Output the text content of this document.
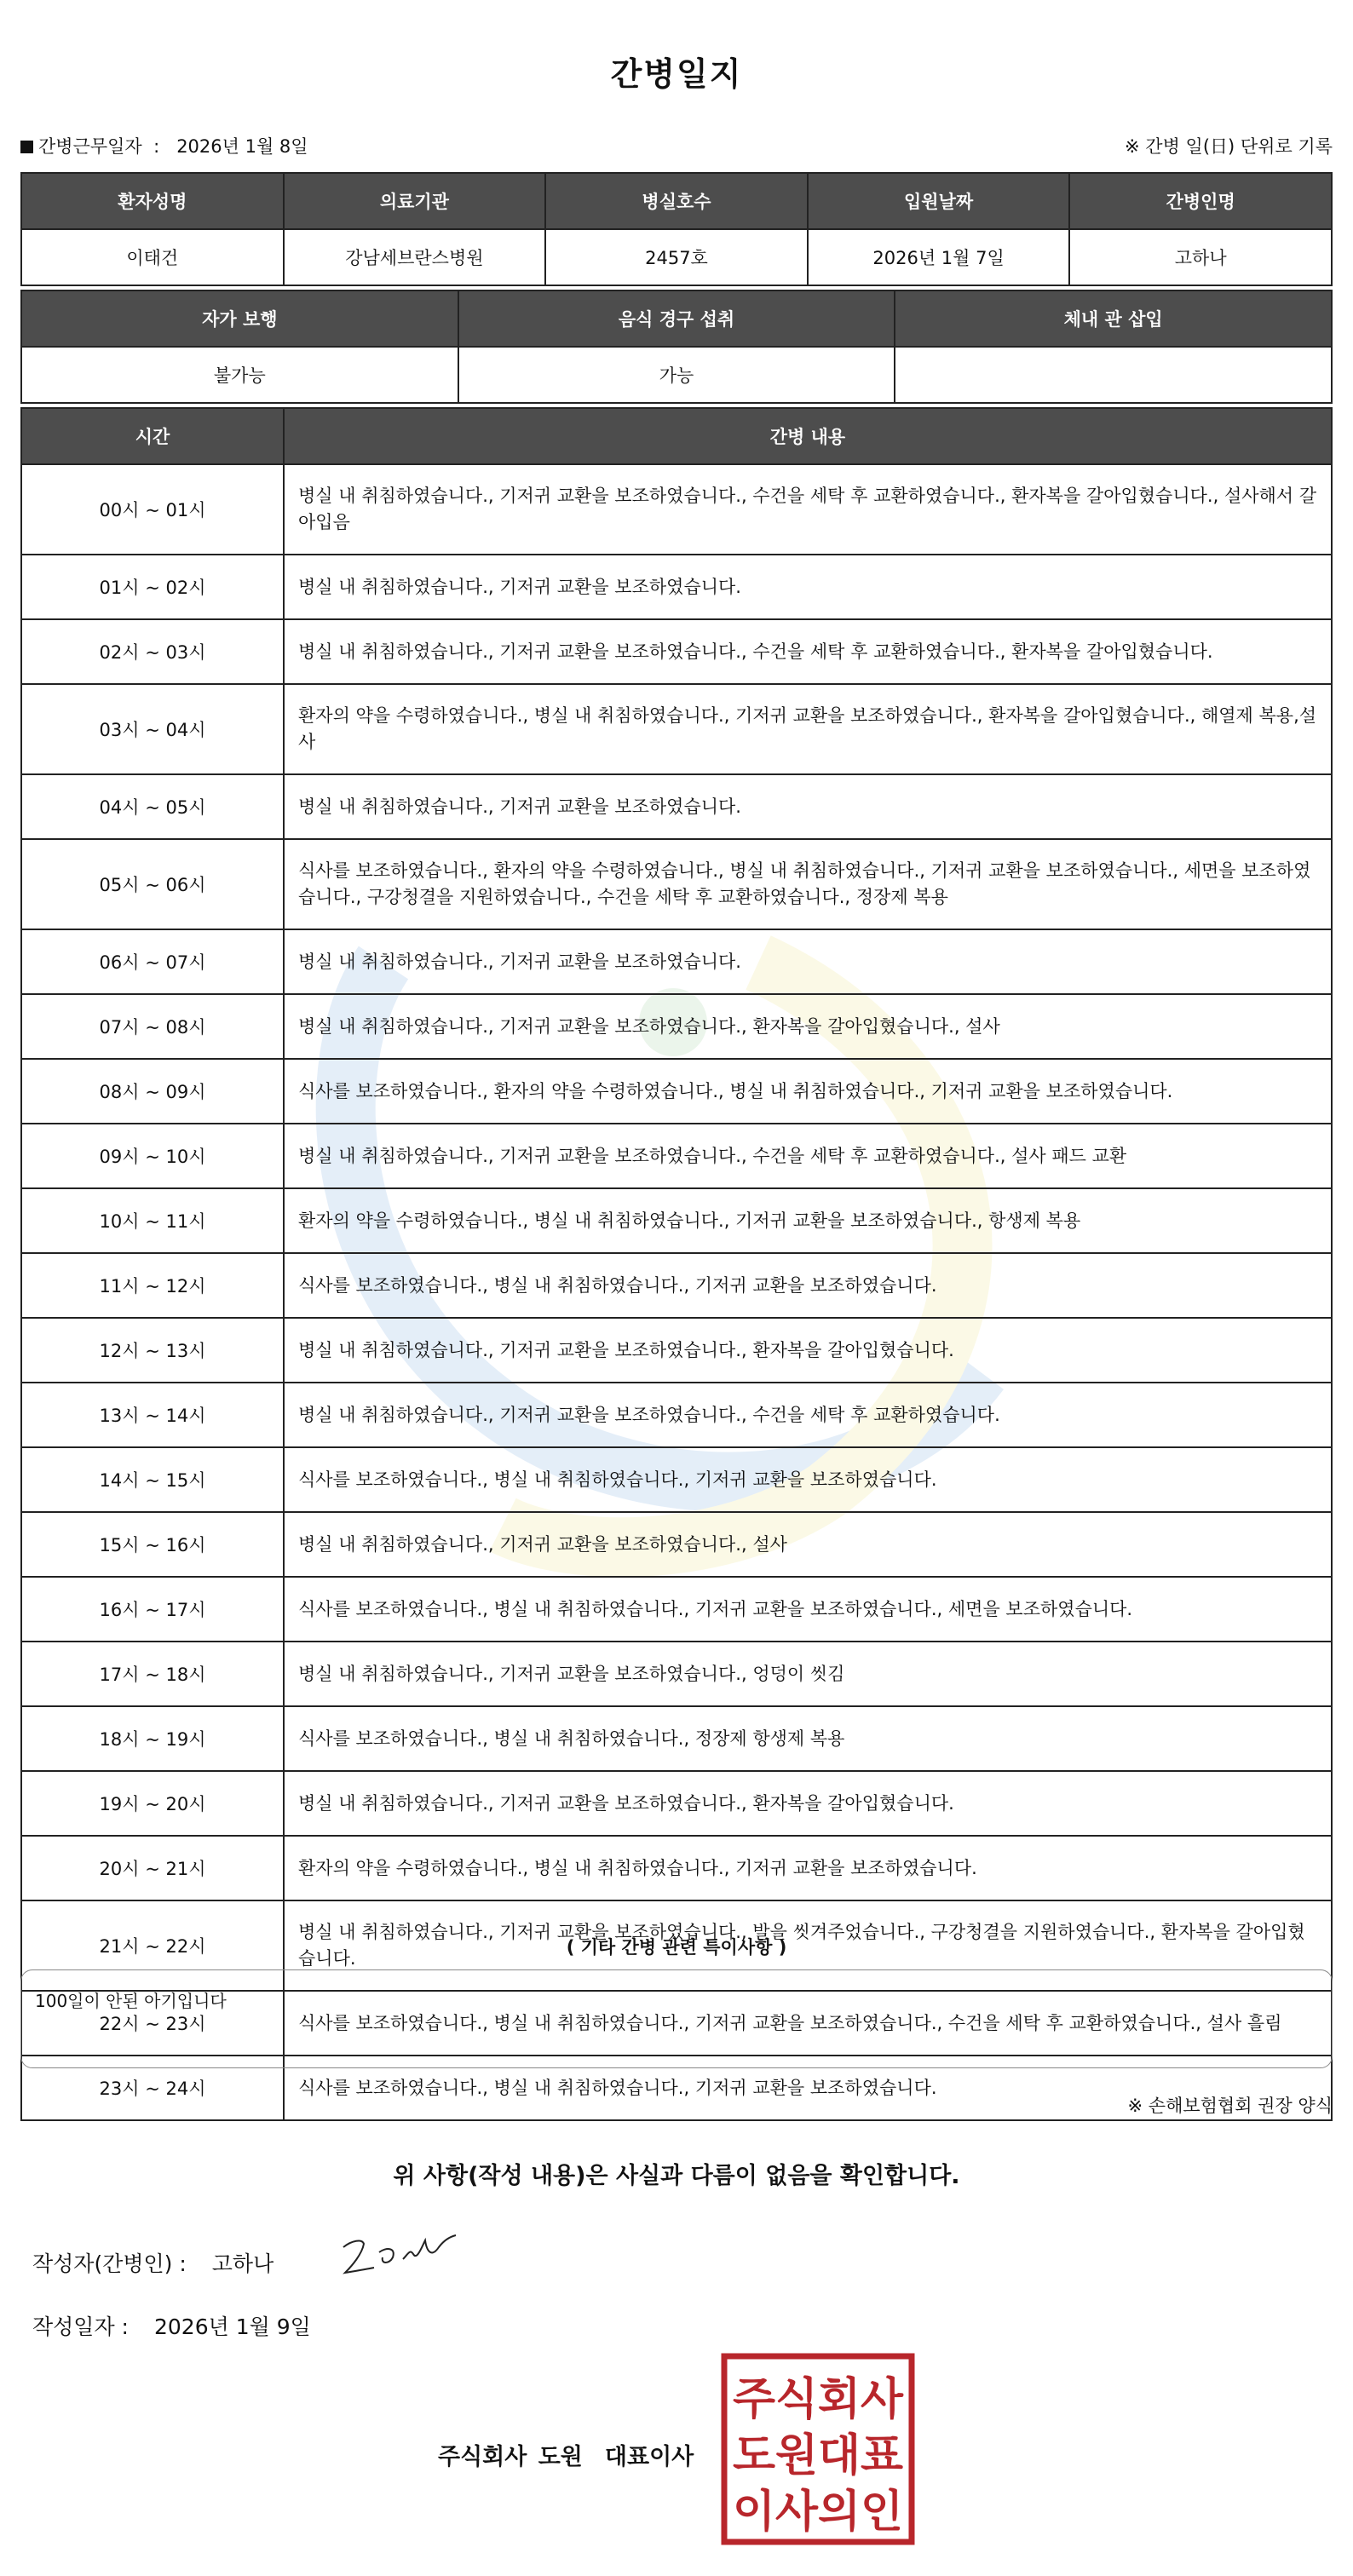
간병일지
간병근무일자 : 2026년 1월 8일	※ 간병 일(日) 단위로 기록
환자성명	의료기관	병실호수	입원날짜	간병인명
이태건	강남세브란스병원	2457호	2026년 1월 7일	고하나
자가 보행	음식 경구 섭취	체내 관 삽입
불가능	가능	
시간	간병 내용
00시 ~ 01시	병실 내 취침하였습니다., 기저귀 교환을 보조하였습니다., 수건을 세탁 후 교환하였습니다., 환자복을 갈아입혔습니다., 설사해서 갈아입음
01시 ~ 02시	병실 내 취침하였습니다., 기저귀 교환을 보조하였습니다.
02시 ~ 03시	병실 내 취침하였습니다., 기저귀 교환을 보조하였습니다., 수건을 세탁 후 교환하였습니다., 환자복을 갈아입혔습니다.
03시 ~ 04시	환자의 약을 수령하였습니다., 병실 내 취침하였습니다., 기저귀 교환을 보조하였습니다., 환자복을 갈아입혔습니다., 해열제 복용,설사
04시 ~ 05시	병실 내 취침하였습니다., 기저귀 교환을 보조하였습니다.
05시 ~ 06시	식사를 보조하였습니다., 환자의 약을 수령하였습니다., 병실 내 취침하였습니다., 기저귀 교환을 보조하였습니다., 세면을 보조하였습니다., 구강청결을 지원하였습니다., 수건을 세탁 후 교환하였습니다., 정장제 복용
06시 ~ 07시	병실 내 취침하였습니다., 기저귀 교환을 보조하였습니다.
07시 ~ 08시	병실 내 취침하였습니다., 기저귀 교환을 보조하였습니다., 환자복을 갈아입혔습니다., 설사
08시 ~ 09시	식사를 보조하였습니다., 환자의 약을 수령하였습니다., 병실 내 취침하였습니다., 기저귀 교환을 보조하였습니다.
09시 ~ 10시	병실 내 취침하였습니다., 기저귀 교환을 보조하였습니다., 수건을 세탁 후 교환하였습니다., 설사 패드 교환
10시 ~ 11시	환자의 약을 수령하였습니다., 병실 내 취침하였습니다., 기저귀 교환을 보조하였습니다., 항생제 복용
11시 ~ 12시	식사를 보조하였습니다., 병실 내 취침하였습니다., 기저귀 교환을 보조하였습니다.
12시 ~ 13시	병실 내 취침하였습니다., 기저귀 교환을 보조하였습니다., 환자복을 갈아입혔습니다.
13시 ~ 14시	병실 내 취침하였습니다., 기저귀 교환을 보조하였습니다., 수건을 세탁 후 교환하였습니다.
14시 ~ 15시	식사를 보조하였습니다., 병실 내 취침하였습니다., 기저귀 교환을 보조하였습니다.
15시 ~ 16시	병실 내 취침하였습니다., 기저귀 교환을 보조하였습니다., 설사
16시 ~ 17시	식사를 보조하였습니다., 병실 내 취침하였습니다., 기저귀 교환을 보조하였습니다., 세면을 보조하였습니다.
17시 ~ 18시	병실 내 취침하였습니다., 기저귀 교환을 보조하였습니다., 엉덩이 씻김
18시 ~ 19시	식사를 보조하였습니다., 병실 내 취침하였습니다., 정장제 항생제 복용
19시 ~ 20시	병실 내 취침하였습니다., 기저귀 교환을 보조하였습니다., 환자복을 갈아입혔습니다.
20시 ~ 21시	환자의 약을 수령하였습니다., 병실 내 취침하였습니다., 기저귀 교환을 보조하였습니다.
21시 ~ 22시	병실 내 취침하였습니다., 기저귀 교환을 보조하였습니다., 발을 씻겨주었습니다., 구강청결을 지원하였습니다., 환자복을 갈아입혔습니다.
22시 ~ 23시	식사를 보조하였습니다., 병실 내 취침하였습니다., 기저귀 교환을 보조하였습니다., 수건을 세탁 후 교환하였습니다., 설사 흘림
23시 ~ 24시	식사를 보조하였습니다., 병실 내 취침하였습니다., 기저귀 교환을 보조하였습니다.
( 기타 간병 관련 특이사항 )
100일이 안된 아기입니다
※ 손해보험협회 권장 양식
위 사항(작성 내용)은 사실과 다름이 없음을 확인합니다.
작성자(간병인) : 고하나
작성일자 : 2026년 1월 9일
주식회사 도원 대표이사
주식회사
도원대표
이사의인
